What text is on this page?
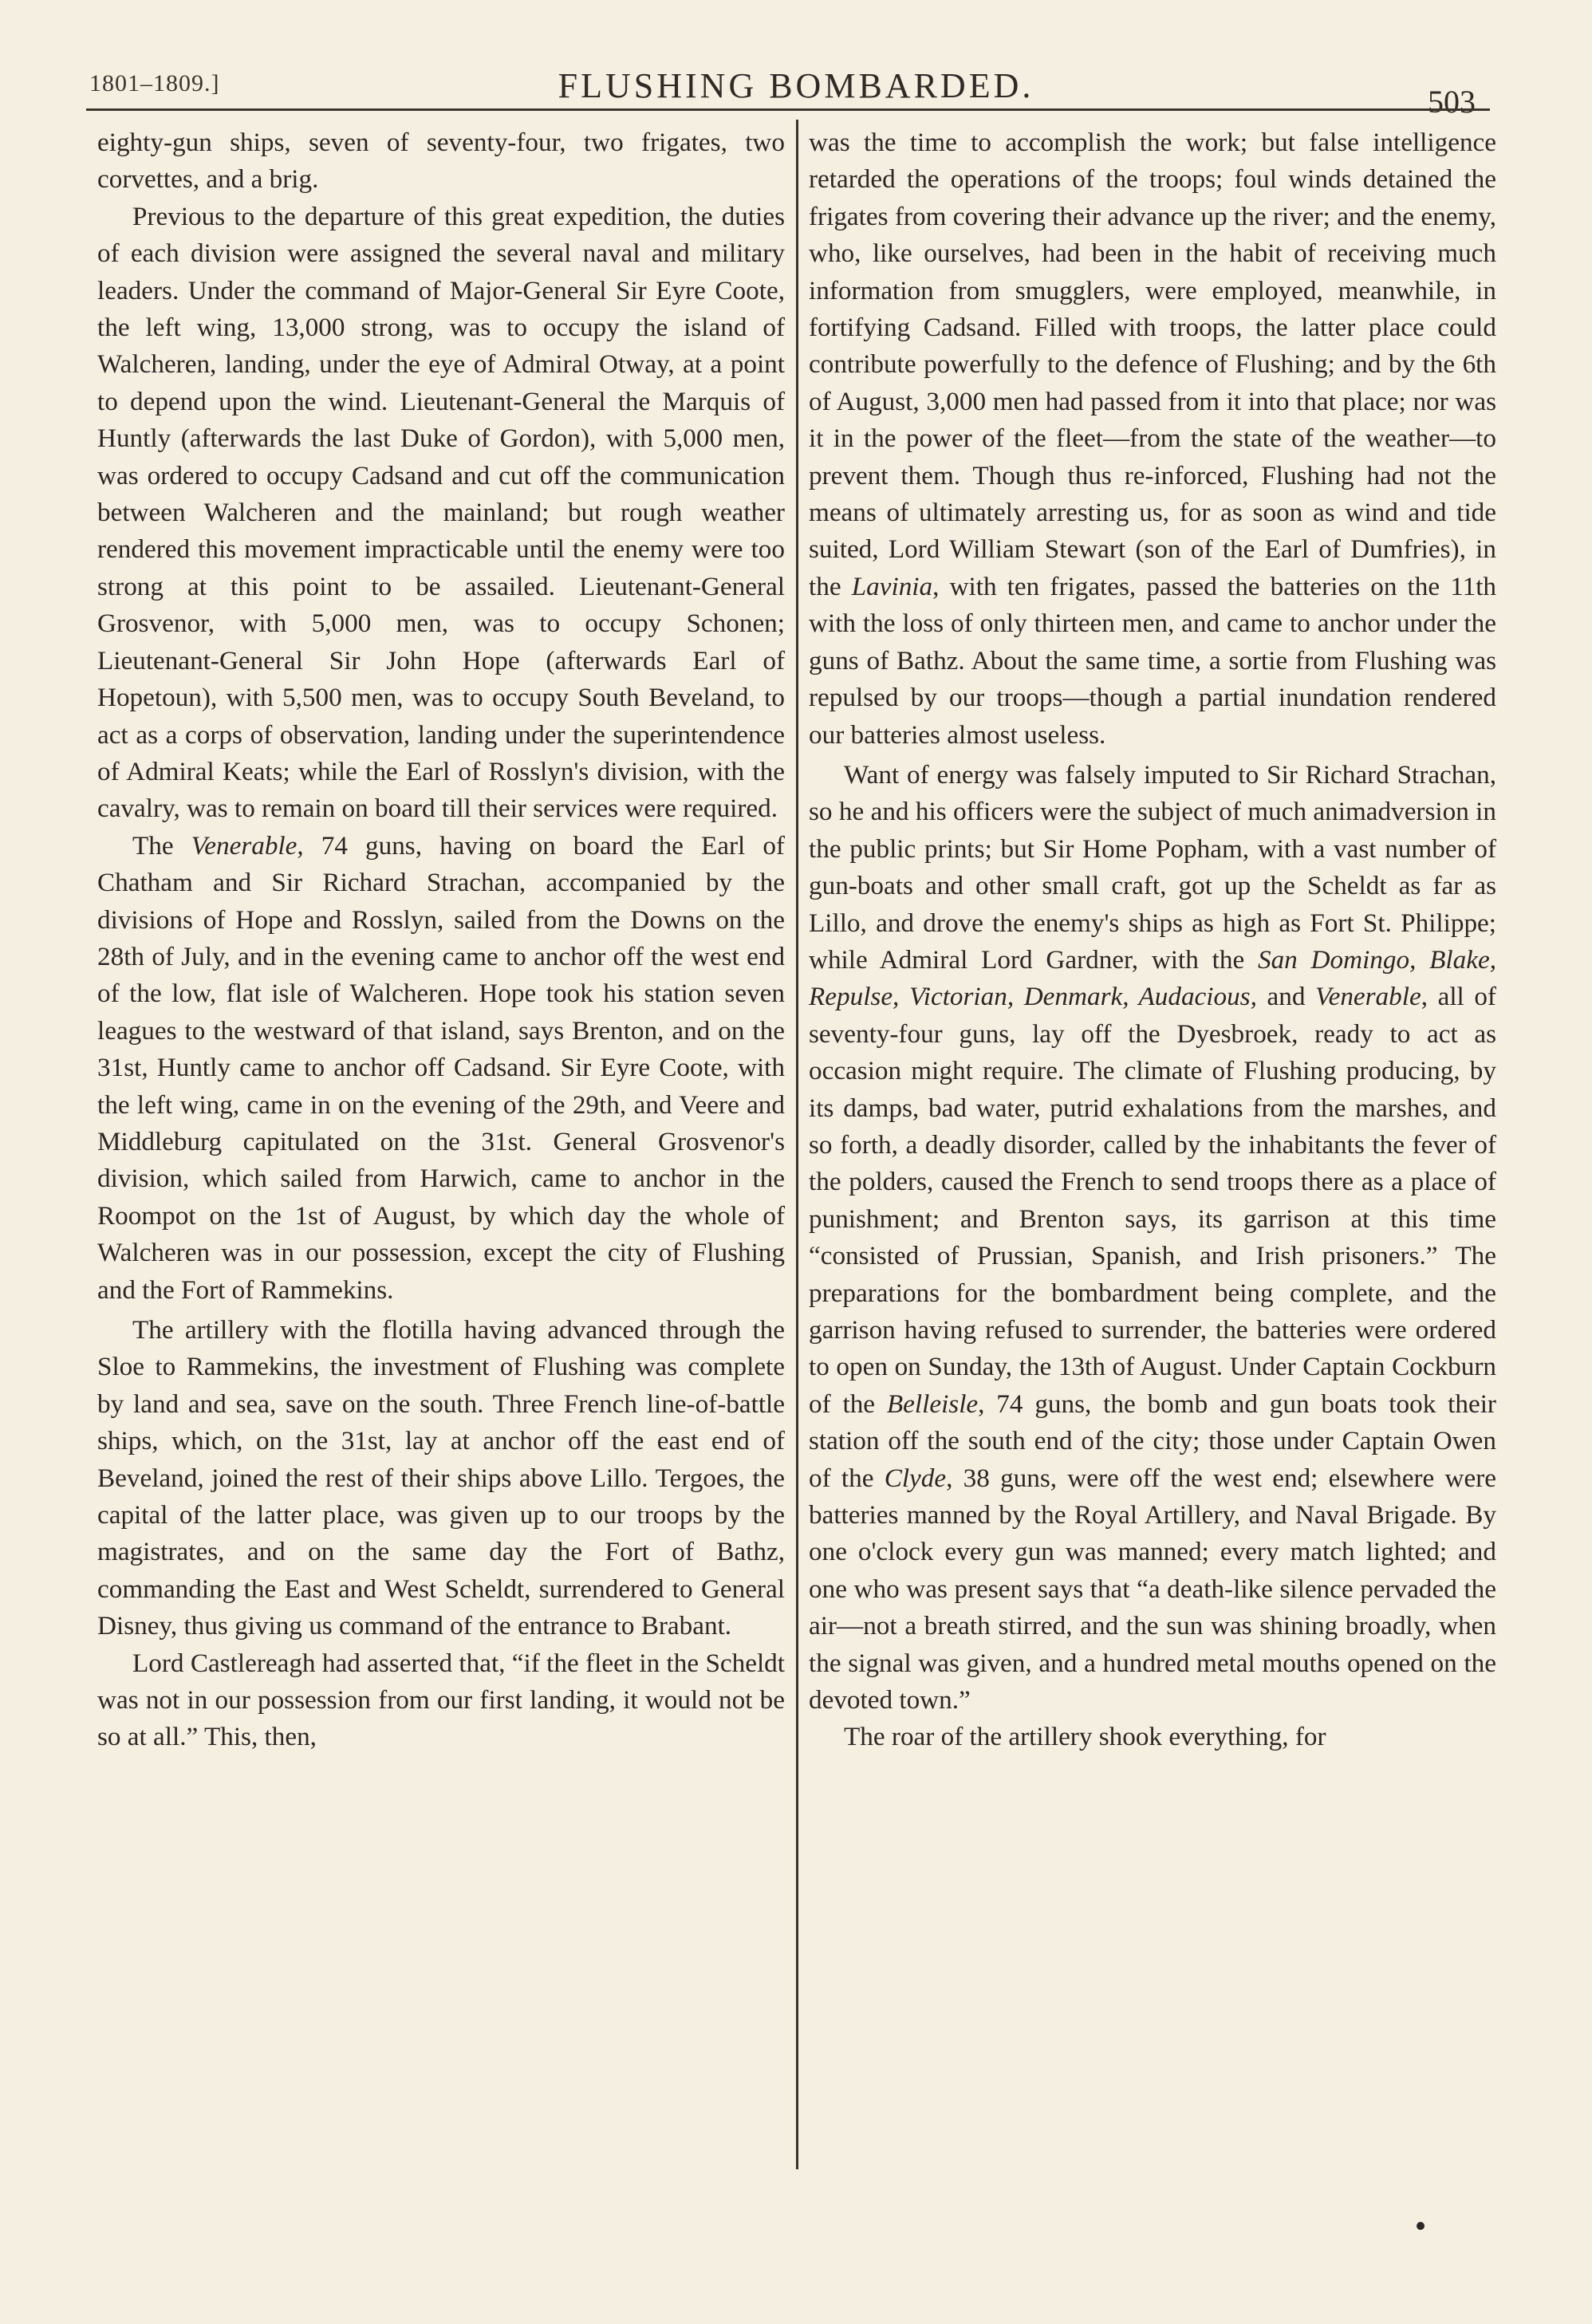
1801–1809.]	FLUSHING BOMBARDED.	503

eighty-gun ships, seven of seventy-four, two frigates, two corvettes, and a brig.

Previous to the departure of this great expedition, the duties of each division were assigned the several naval and military leaders. Under the command of Major-General Sir Eyre Coote, the left wing, 13,000 strong, was to occupy the island of Walcheren, landing, under the eye of Admiral Otway, at a point to depend upon the wind. Lieutenant-General the Marquis of Huntly (afterwards the last Duke of Gordon), with 5,000 men, was ordered to occupy Cadsand and cut off the communication between Walcheren and the mainland; but rough weather rendered this movement impracticable until the enemy were too strong at this point to be assailed. Lieutenant-General Grosvenor, with 5,000 men, was to occupy Schonen; Lieutenant-General Sir John Hope (afterwards Earl of Hopetoun), with 5,500 men, was to occupy South Beveland, to act as a corps of observation, landing under the superintendence of Admiral Keats; while the Earl of Rosslyn's division, with the cavalry, was to remain on board till their services were required.

The Venerable, 74 guns, having on board the Earl of Chatham and Sir Richard Strachan, accompanied by the divisions of Hope and Rosslyn, sailed from the Downs on the 28th of July, and in the evening came to anchor off the west end of the low, flat isle of Walcheren. Hope took his station seven leagues to the westward of that island, says Brenton, and on the 31st, Huntly came to anchor off Cadsand. Sir Eyre Coote, with the left wing, came in on the evening of the 29th, and Veere and Middleburg capitulated on the 31st. General Grosvenor's division, which sailed from Harwich, came to anchor in the Roompot on the 1st of August, by which day the whole of Walcheren was in our possession, except the city of Flushing and the Fort of Rammekins.

The artillery with the flotilla having advanced through the Sloe to Rammekins, the investment of Flushing was complete by land and sea, save on the south. Three French line-of-battle ships, which, on the 31st, lay at anchor off the east end of Beveland, joined the rest of their ships above Lillo. Tergoes, the capital of the latter place, was given up to our troops by the magistrates, and on the same day the Fort of Bathz, commanding the East and West Scheldt, surrendered to General Disney, thus giving us command of the entrance to Brabant.

Lord Castlereagh had asserted that, “if the fleet in the Scheldt was not in our possession from our first landing, it would not be so at all.” This, then,

was the time to accomplish the work; but false intelligence retarded the operations of the troops; foul winds detained the frigates from covering their advance up the river; and the enemy, who, like ourselves, had been in the habit of receiving much information from smugglers, were employed, meanwhile, in fortifying Cadsand. Filled with troops, the latter place could contribute powerfully to the defence of Flushing; and by the 6th of August, 3,000 men had passed from it into that place; nor was it in the power of the fleet—from the state of the weather—to prevent them. Though thus re-inforced, Flushing had not the means of ultimately arresting us, for as soon as wind and tide suited, Lord William Stewart (son of the Earl of Dumfries), in the Lavinia, with ten frigates, passed the batteries on the 11th with the loss of only thirteen men, and came to anchor under the guns of Bathz. About the same time, a sortie from Flushing was repulsed by our troops—though a partial inundation rendered our batteries almost useless.

Want of energy was falsely imputed to Sir Richard Strachan, so he and his officers were the subject of much animadversion in the public prints; but Sir Home Popham, with a vast number of gun-boats and other small craft, got up the Scheldt as far as Lillo, and drove the enemy's ships as high as Fort St. Philippe; while Admiral Lord Gardner, with the San Domingo, Blake, Repulse, Victorian, Denmark, Audacious, and Venerable, all of seventy-four guns, lay off the Dyesbroek, ready to act as occasion might require. The climate of Flushing producing, by its damps, bad water, putrid exhalations from the marshes, and so forth, a deadly disorder, called by the inhabitants the fever of the polders, caused the French to send troops there as a place of punishment; and Brenton says, its garrison at this time “consisted of Prussian, Spanish, and Irish prisoners.” The preparations for the bombardment being complete, and the garrison having refused to surrender, the batteries were ordered to open on Sunday, the 13th of August. Under Captain Cockburn of the Belleisle, 74 guns, the bomb and gun boats took their station off the south end of the city; those under Captain Owen of the Clyde, 38 guns, were off the west end; elsewhere were batteries manned by the Royal Artillery, and Naval Brigade. By one o'clock every gun was manned; every match lighted; and one who was present says that “a death-like silence pervaded the air—not a breath stirred, and the sun was shining broadly, when the signal was given, and a hundred metal mouths opened on the devoted town.”

The roar of the artillery shook everything, for
